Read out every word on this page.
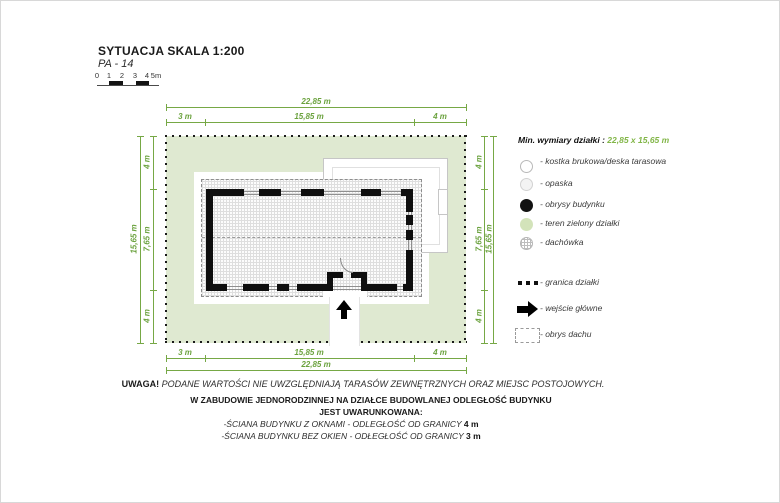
SYTUACJA SKALA 1:200
PA - 14
0 1 2 3 4 5m
22,85 m
3 m	15,85 m	4 m
3 m	15,85 m	4 m
22,85 m
15,65 m
4 m
7,65 m
4 m
4 m
7,65 m
4 m
15,65 m
Min. wymiary działki : 22,85 x 15,65 m
- kostka brukowa/deska tarasowa
- opaska
- obrysy budynku
- teren zielony działki
- dachówka
- granica działki
- wejście główne
- obrys dachu
UWAGA! PODANE WARTOŚCI NIE UWZGLĘDNIAJĄ TARASÓW ZEWNĘTRZNYCH ORAZ MIEJSC POSTOJOWYCH.
W ZABUDOWIE JEDNORODZINNEJ NA DZIAŁCE BUDOWLANEJ ODLEGŁOŚĆ BUDYNKU
JEST UWARUNKOWANA:
-ŚCIANA BUDYNKU Z OKNAMI - ODLEGŁOŚĆ OD GRANICY 4 m
-ŚCIANA BUDYNKU BEZ OKIEN - ODŁEGŁOŚĆ OD GRANICY 3 m
